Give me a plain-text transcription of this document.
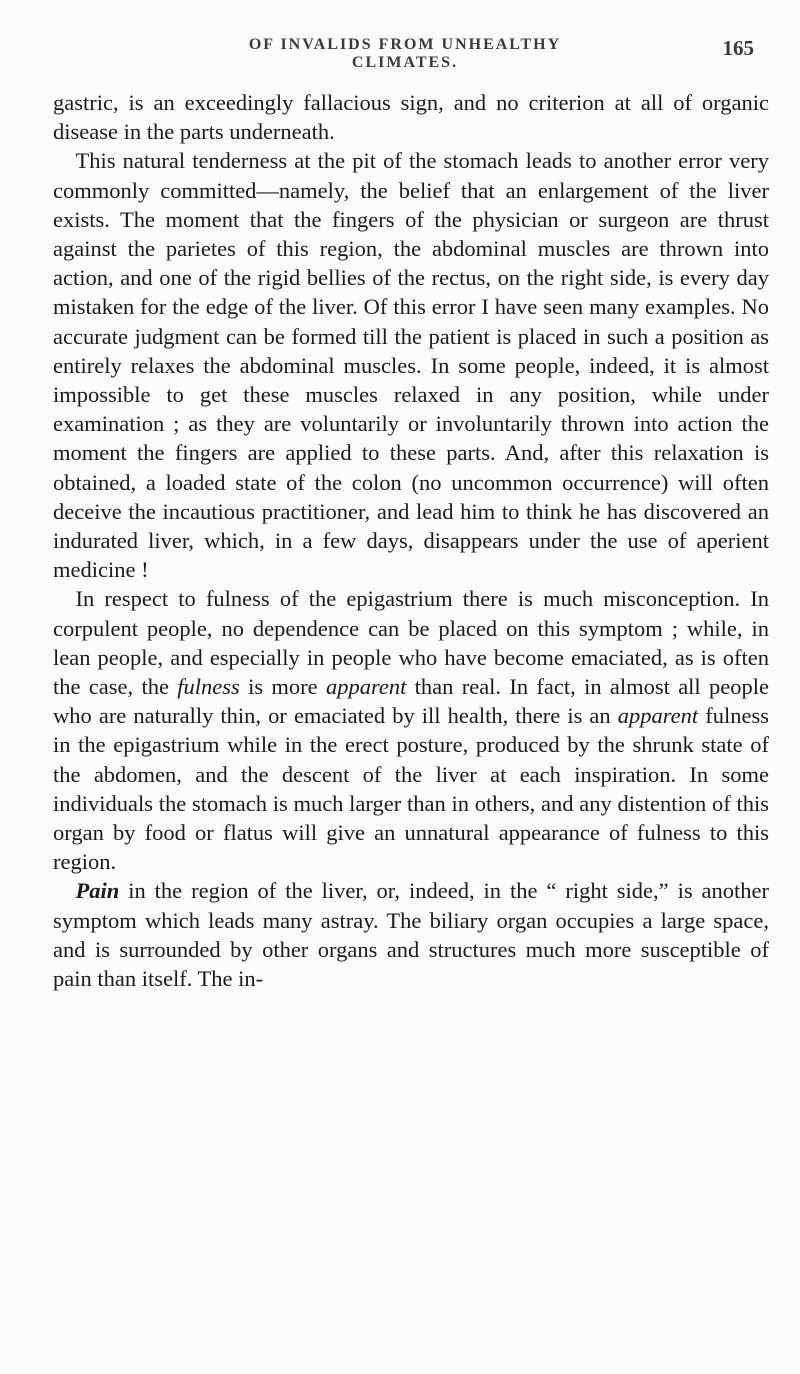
OF INVALIDS FROM UNHEALTHY CLIMATES.
165

gastric, is an exceedingly fallacious sign, and no criterion at all of organic disease in the parts underneath.

This natural tenderness at the pit of the stomach leads to another error very commonly committed—namely, the belief that an enlargement of the liver exists. The moment that the fingers of the physician or surgeon are thrust against the parietes of this region, the abdominal muscles are thrown into action, and one of the rigid bellies of the rectus, on the right side, is every day mistaken for the edge of the liver. Of this error I have seen many examples. No accurate judgment can be formed till the patient is placed in such a position as entirely relaxes the abdominal muscles. In some people, indeed, it is almost impossible to get these muscles relaxed in any position, while under examination ; as they are voluntarily or involuntarily thrown into action the moment the fingers are applied to these parts. And, after this relaxation is obtained, a loaded state of the colon (no uncommon occurrence) will often deceive the incautious practitioner, and lead him to think he has discovered an indurated liver, which, in a few days, disappears under the use of aperient medicine !

In respect to fulness of the epigastrium there is much misconception. In corpulent people, no dependence can be placed on this symptom ; while, in lean people, and especially in people who have become emaciated, as is often the case, the fulness is more apparent than real. In fact, in almost all people who are naturally thin, or emaciated by ill health, there is an apparent fulness in the epigastrium while in the erect posture, produced by the shrunk state of the abdomen, and the descent of the liver at each inspiration. In some individuals the stomach is much larger than in others, and any distention of this organ by food or flatus will give an unnatural appearance of fulness to this region.

Pain in the region of the liver, or, indeed, in the “ right side,” is another symptom which leads many astray. The biliary organ occupies a large space, and is surrounded by other organs and structures much more susceptible of pain than itself. The in-
